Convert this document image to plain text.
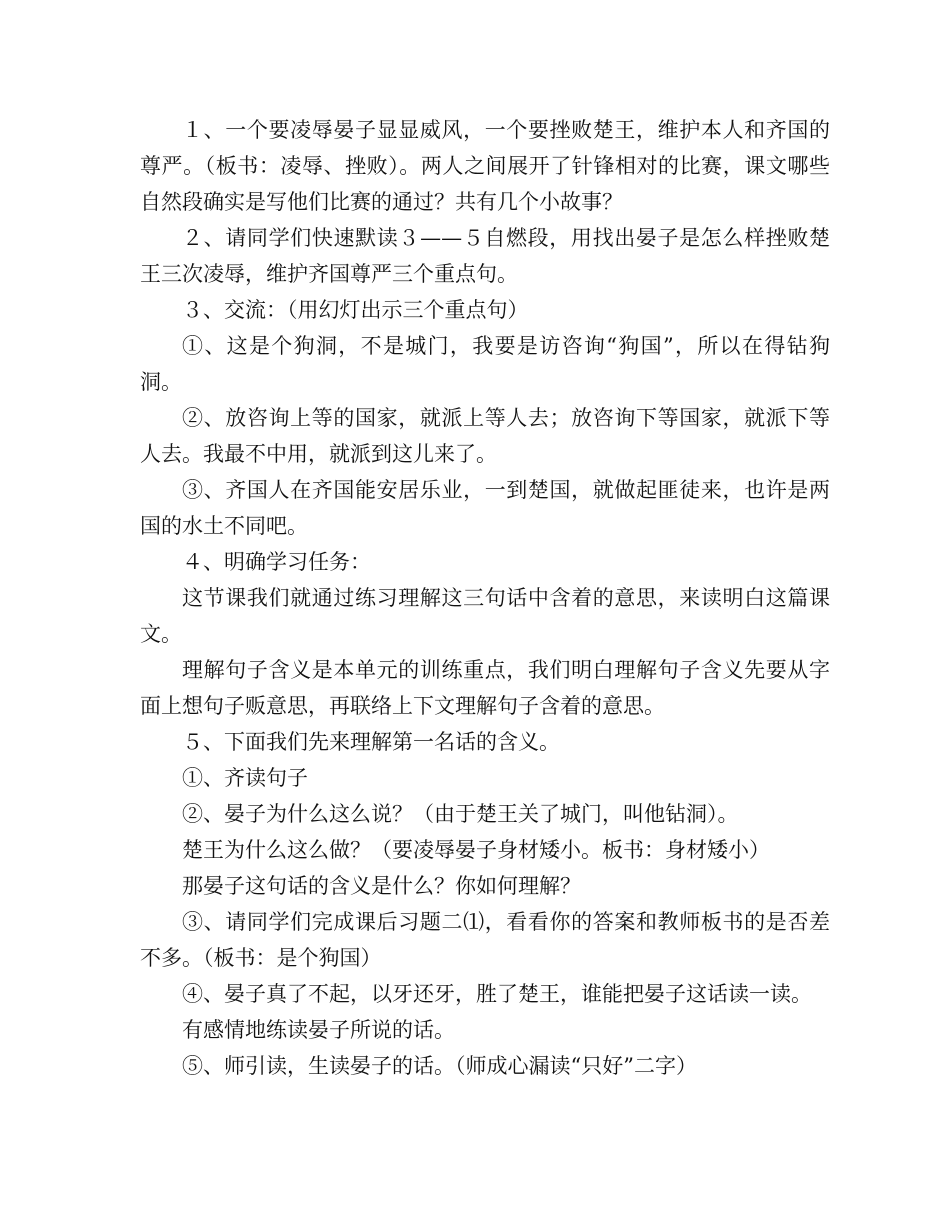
１、一个要凌辱晏子显显威风，一个要挫败楚王，维护本人和齐国的尊严。（板书：凌辱、挫败）。两人之间展开了针锋相对的比赛，课文哪些自然段确实是写他们比赛的通过？共有几个小故事？

２、请同学们快速默读３——５自燃段，用找出晏子是怎么样挫败楚王三次凌辱，维护齐国尊严三个重点句。

３、交流：（用幻灯出示三个重点句）

①、这是个狗洞，不是城门，我要是访咨询“狗国”，所以在得钻狗洞。

②、放咨询上等的国家，就派上等人去；放咨询下等国家，就派下等人去。我最不中用，就派到这儿来了。

③、齐国人在齐国能安居乐业，一到楚国，就做起匪徒来，也许是两国的水土不同吧。

４、明确学习任务：

这节课我们就通过练习理解这三句话中含着的意思，来读明白这篇课文。

理解句子含义是本单元的训练重点，我们明白理解句子含义先要从字面上想句子贩意思，再联络上下文理解句子含着的意思。

５、下面我们先来理解第一名话的含义。

①、齐读句子

②、晏子为什么这么说？（由于楚王关了城门，叫他钻洞）。

楚王为什么这么做？（要凌辱晏子身材矮小。板书：身材矮小）

那晏子这句话的含义是什么？你如何理解？

③、请同学们完成课后习题二⑴，看看你的答案和教师板书的是否差不多。（板书：是个狗国）

④、晏子真了不起，以牙还牙，胜了楚王，谁能把晏子这话读一读。

有感情地练读晏子所说的话。

⑤、师引读，生读晏子的话。（师成心漏读“只好”二字）
